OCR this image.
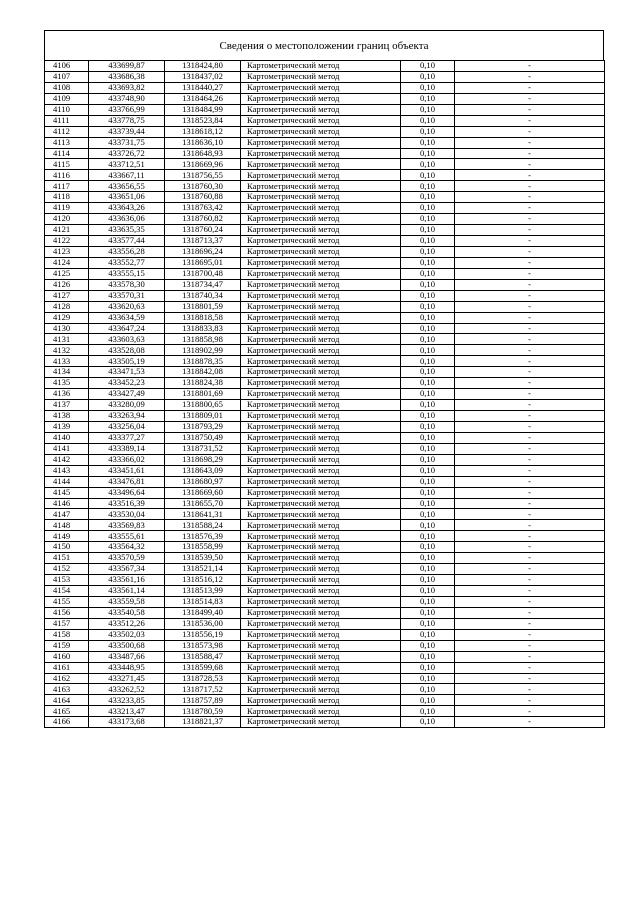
Сведения о местоположении границ объекта
4106	433699,87	1318424,80	Картометрический метод	0,10	-
4107	433686,38	1318437,02	Картометрический метод	0,10	-
4108	433693,82	1318440,27	Картометрический метод	0,10	-
4109	433748,90	1318464,26	Картометрический метод	0,10	-
4110	433766,99	1318484,99	Картометрический метод	0,10	-
4111	433778,75	1318523,84	Картометрический метод	0,10	-
4112	433739,44	1318618,12	Картометрический метод	0,10	-
4113	433731,75	1318636,10	Картометрический метод	0,10	-
4114	433726,72	1318648,93	Картометрический метод	0,10	-
4115	433712,51	1318669,96	Картометрический метод	0,10	-
4116	433667,11	1318756,55	Картометрический метод	0,10	-
4117	433656,55	1318760,30	Картометрический метод	0,10	-
4118	433651,06	1318760,88	Картометрический метод	0,10	-
4119	433643,26	1318763,42	Картометрический метод	0,10	-
4120	433636,06	1318760,82	Картометрический метод	0,10	-
4121	433635,35	1318760,24	Картометрический метод	0,10	-
4122	433577,44	1318713,37	Картометрический метод	0,10	-
4123	433556,28	1318696,24	Картометрический метод	0,10	-
4124	433552,77	1318695,01	Картометрический метод	0,10	-
4125	433555,15	1318700,48	Картометрический метод	0,10	-
4126	433578,30	1318734,47	Картометрический метод	0,10	-
4127	433570,31	1318740,34	Картометрический метод	0,10	-
4128	433620,63	1318801,59	Картометрический метод	0,10	-
4129	433634,59	1318818,58	Картометрический метод	0,10	-
4130	433647,24	1318833,83	Картометрический метод	0,10	-
4131	433603,63	1318858,98	Картометрический метод	0,10	-
4132	433528,08	1318902,99	Картометрический метод	0,10	-
4133	433505,19	1318878,35	Картометрический метод	0,10	-
4134	433471,53	1318842,08	Картометрический метод	0,10	-
4135	433452,23	1318824,38	Картометрический метод	0,10	-
4136	433427,49	1318801,69	Картометрический метод	0,10	-
4137	433280,09	1318800,65	Картометрический метод	0,10	-
4138	433263,94	1318809,01	Картометрический метод	0,10	-
4139	433256,04	1318793,29	Картометрический метод	0,10	-
4140	433377,27	1318750,49	Картометрический метод	0,10	-
4141	433389,14	1318731,52	Картометрический метод	0,10	-
4142	433366,02	1318698,29	Картометрический метод	0,10	-
4143	433451,61	1318643,09	Картометрический метод	0,10	-
4144	433476,81	1318680,97	Картометрический метод	0,10	-
4145	433496,64	1318669,60	Картометрический метод	0,10	-
4146	433516,39	1318655,70	Картометрический метод	0,10	-
4147	433530,04	1318641,31	Картометрический метод	0,10	-
4148	433569,83	1318588,24	Картометрический метод	0,10	-
4149	433555,61	1318576,39	Картометрический метод	0,10	-
4150	433564,32	1318558,99	Картометрический метод	0,10	-
4151	433570,59	1318539,50	Картометрический метод	0,10	-
4152	433567,34	1318521,14	Картометрический метод	0,10	-
4153	433561,16	1318516,12	Картометрический метод	0,10	-
4154	433561,14	1318513,99	Картометрический метод	0,10	-
4155	433559,58	1318514,83	Картометрический метод	0,10	-
4156	433540,58	1318499,40	Картометрический метод	0,10	-
4157	433512,26	1318536,00	Картометрический метод	0,10	-
4158	433502,03	1318556,19	Картометрический метод	0,10	-
4159	433500,68	1318573,98	Картометрический метод	0,10	-
4160	433487,66	1318588,47	Картометрический метод	0,10	-
4161	433448,95	1318599,68	Картометрический метод	0,10	-
4162	433271,45	1318728,53	Картометрический метод	0,10	-
4163	433262,52	1318717,52	Картометрический метод	0,10	-
4164	433233,85	1318757,89	Картометрический метод	0,10	-
4165	433213,47	1318780,59	Картометрический метод	0,10	-
4166	433173,68	1318821,37	Картометрический метод	0,10	-
